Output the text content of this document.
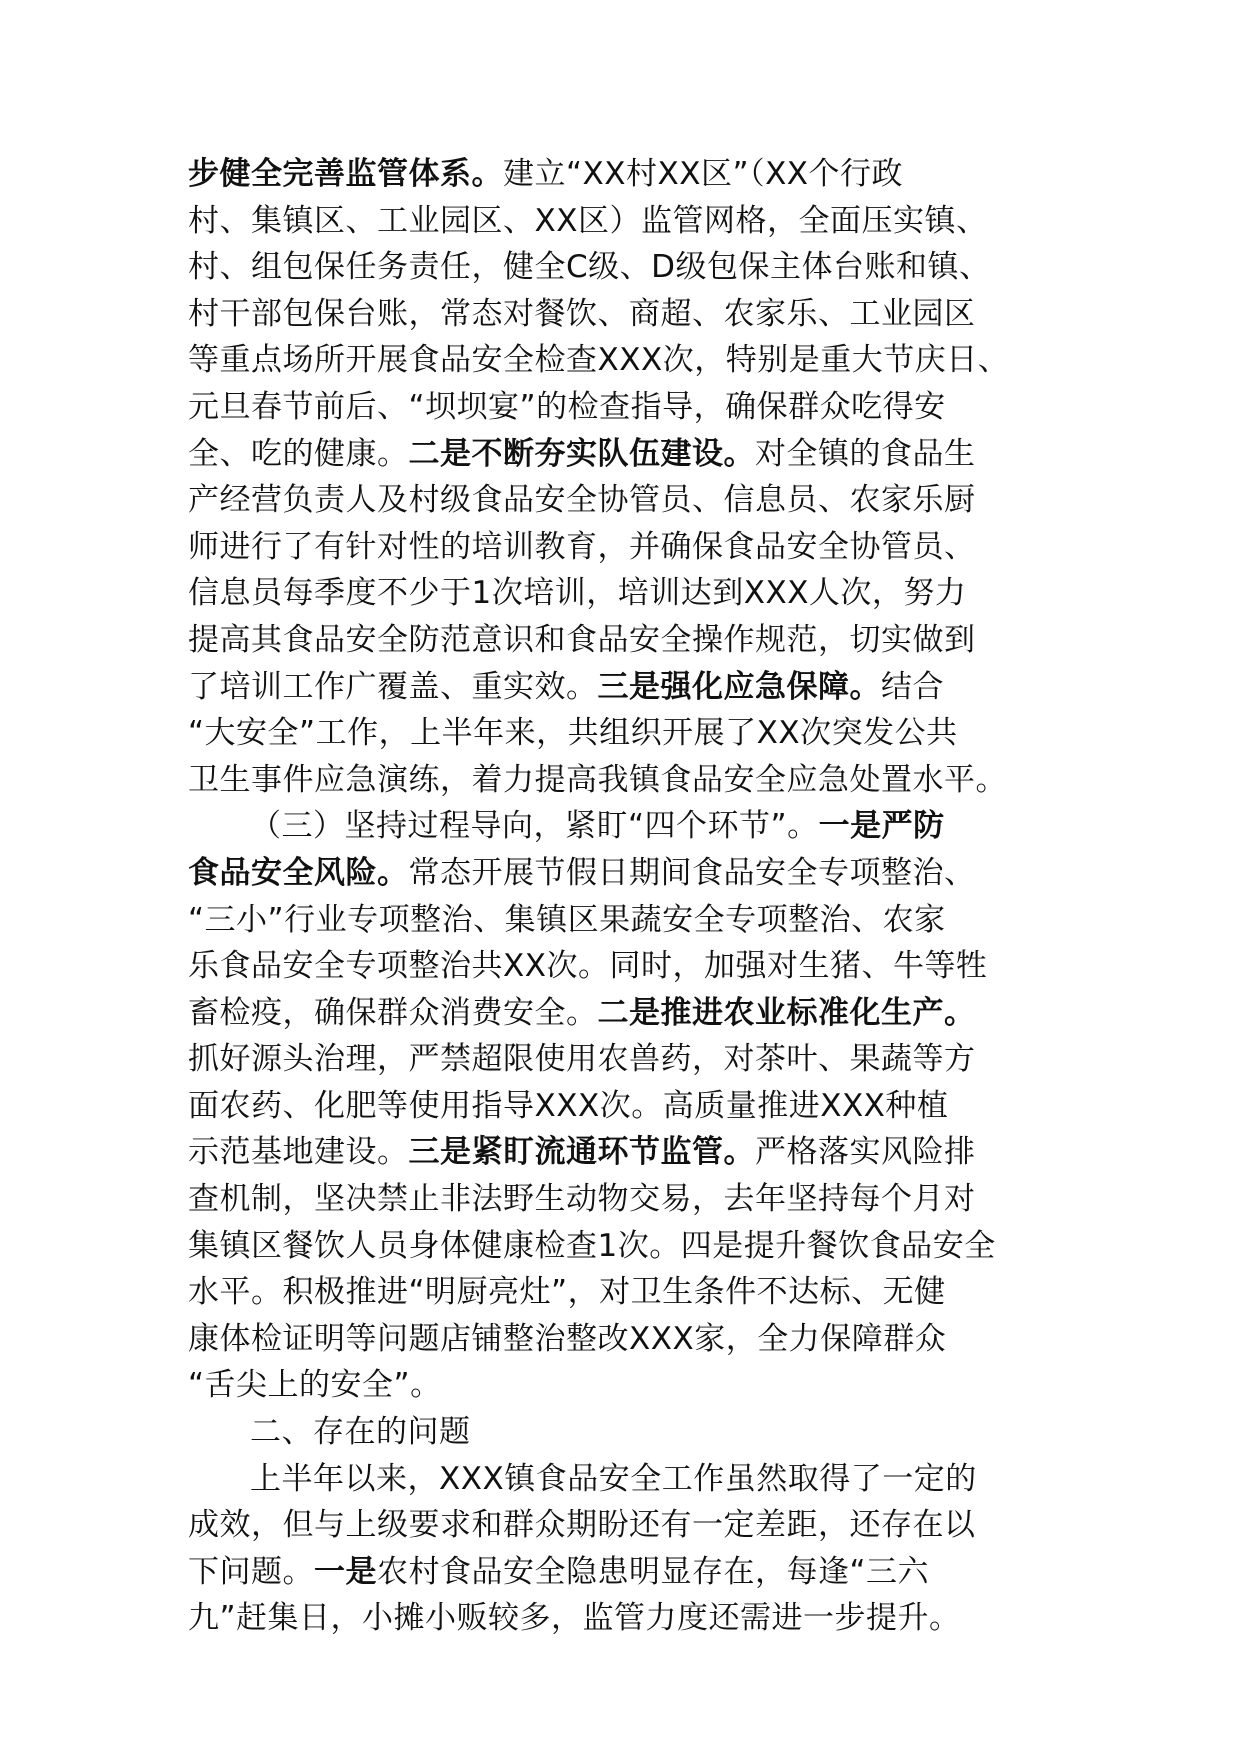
步健全完善监管体系。建立“XX村XX区”（XX个行政
村、集镇区、工业园区、XX区）监管网格，全面压实镇、
村、组包保任务责任，健全C级、D级包保主体台账和镇、
村干部包保台账，常态对餐饮、商超、农家乐、工业园区
等重点场所开展食品安全检查XXX次，特别是重大节庆日、
元旦春节前后、“坝坝宴”的检查指导，确保群众吃得安
全、吃的健康。二是不断夯实队伍建设。对全镇的食品生
产经营负责人及村级食品安全协管员、信息员、农家乐厨
师进行了有针对性的培训教育，并确保食品安全协管员、
信息员每季度不少于1次培训，培训达到XXX人次，努力
提高其食品安全防范意识和食品安全操作规范，切实做到
了培训工作广覆盖、重实效。三是强化应急保障。结合
“大安全”工作，上半年来，共组织开展了XX次突发公共
卫生事件应急演练，着力提高我镇食品安全应急处置水平。
（三）坚持过程导向，紧盯“四个环节”。一是严防
食品安全风险。常态开展节假日期间食品安全专项整治、
“三小”行业专项整治、集镇区果蔬安全专项整治、农家
乐食品安全专项整治共XX次。同时，加强对生猪、牛等牲
畜检疫，确保群众消费安全。二是推进农业标准化生产。
抓好源头治理，严禁超限使用农兽药，对茶叶、果蔬等方
面农药、化肥等使用指导XXX次。高质量推进XXX种植
示范基地建设。三是紧盯流通环节监管。严格落实风险排
查机制，坚决禁止非法野生动物交易，去年坚持每个月对
集镇区餐饮人员身体健康检查1次。四是提升餐饮食品安全
水平。积极推进“明厨亮灶”，对卫生条件不达标、无健
康体检证明等问题店铺整治整改XXX家，全力保障群众
“舌尖上的安全”。
二、存在的问题
上半年以来，XXX镇食品安全工作虽然取得了一定的
成效，但与上级要求和群众期盼还有一定差距，还存在以
下问题。一是农村食品安全隐患明显存在，每逢“三六
九”赶集日，小摊小贩较多，监管力度还需进一步提升。
